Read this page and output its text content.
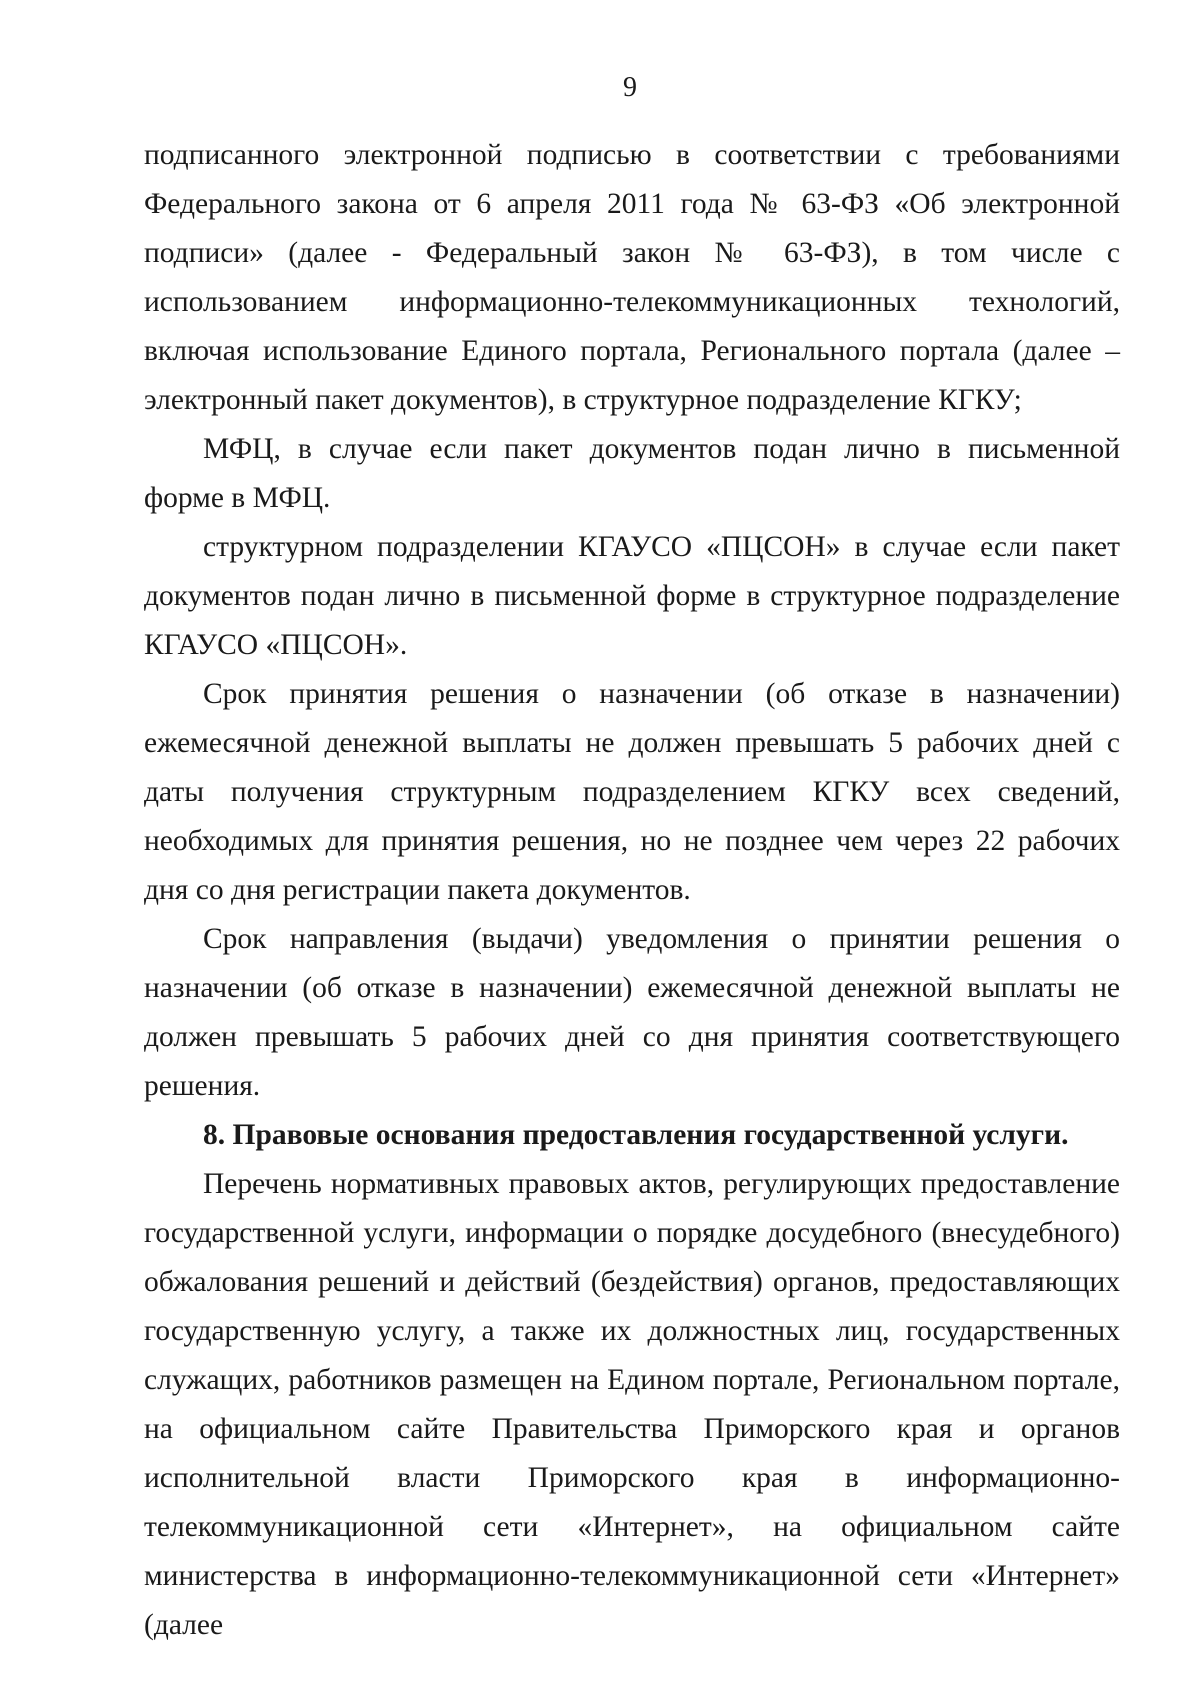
9

подписанного электронной подписью в соответствии с требованиями Федерального закона от 6 апреля 2011 года № 63-ФЗ «Об электронной подписи» (далее - Федеральный закон № 63-ФЗ), в том числе с использованием информационно-телекоммуникационных технологий, включая использование Единого портала, Регионального портала (далее – электронный пакет документов), в структурное подразделение КГКУ;

МФЦ, в случае если пакет документов подан лично в письменной форме в МФЦ.

структурном подразделении КГАУСО «ПЦСОН» в случае если пакет документов подан лично в письменной форме в структурное подразделение КГАУСО «ПЦСОН».

Срок принятия решения о назначении (об отказе в назначении) ежемесячной денежной выплаты не должен превышать 5 рабочих дней с даты получения структурным подразделением КГКУ всех сведений, необходимых для принятия решения, но не позднее чем через 22 рабочих дня со дня регистрации пакета документов.

Срок направления (выдачи) уведомления о принятии решения о назначении (об отказе в назначении) ежемесячной денежной выплаты не должен превышать 5 рабочих дней со дня принятия соответствующего решения.

8. Правовые основания предоставления государственной услуги.

Перечень нормативных правовых актов, регулирующих предоставление государственной услуги, информации о порядке досудебного (внесудебного) обжалования решений и действий (бездействия) органов, предоставляющих государственную услугу, а также их должностных лиц, государственных служащих, работников размещен на Едином портале, Региональном портале, на официальном сайте Правительства Приморского края и органов исполнительной власти Приморского края в информационно-телекоммуникационной сети «Интернет», на официальном сайте министерства в информационно-телекоммуникационной сети «Интернет» (далее
